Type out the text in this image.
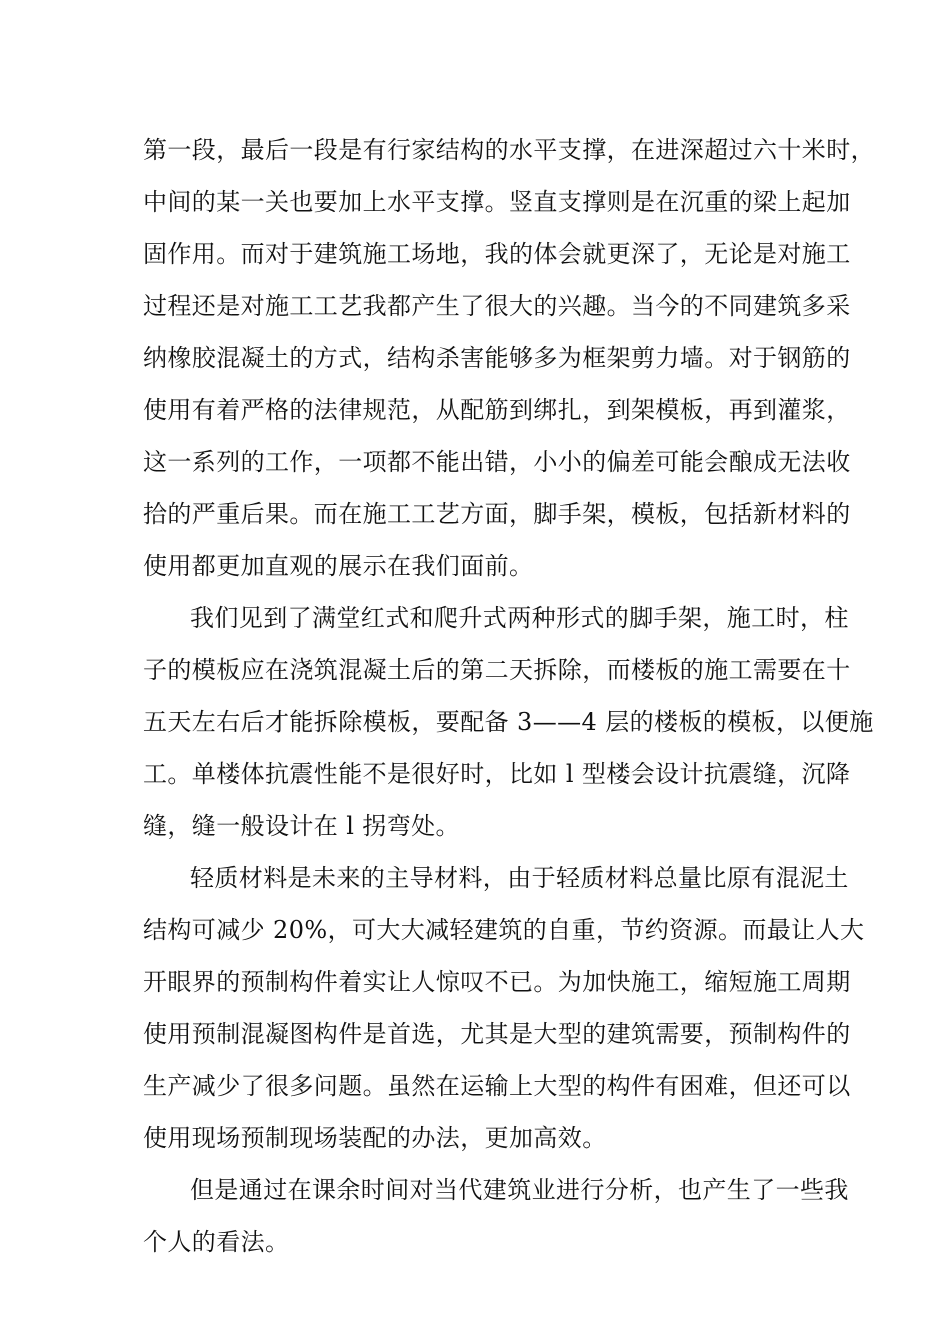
第一段，最后一段是有行家结构的水平支撑，在进深超过六十米时，
中间的某一关也要加上水平支撑。竖直支撑则是在沉重的梁上起加
固作用。而对于建筑施工场地，我的体会就更深了，无论是对施工
过程还是对施工工艺我都产生了很大的兴趣。当今的不同建筑多采
纳橡胶混凝土的方式，结构杀害能够多为框架剪力墙。对于钢筋的
使用有着严格的法律规范，从配筋到绑扎，到架模板，再到灌浆，
这一系列的工作，一项都不能出错，小小的偏差可能会酿成无法收
拾的严重后果。而在施工工艺方面，脚手架，模板，包括新材料的
使用都更加直观的展示在我们面前。
我们见到了满堂红式和爬升式两种形式的脚手架，施工时，柱
子的模板应在浇筑混凝土后的第二天拆除，而楼板的施工需要在十
五天左右后才能拆除模板，要配备 3——4 层的楼板的模板，以便施
工。单楼体抗震性能不是很好时，比如 l 型楼会设计抗震缝，沉降
缝，缝一般设计在 l 拐弯处。
轻质材料是未来的主导材料，由于轻质材料总量比原有混泥土
结构可减少 20%，可大大减轻建筑的自重，节约资源。而最让人大
开眼界的预制构件着实让人惊叹不已。为加快施工，缩短施工周期
使用预制混凝图构件是首选，尤其是大型的建筑需要，预制构件的
生产减少了很多问题。虽然在运输上大型的构件有困难，但还可以
使用现场预制现场装配的办法，更加高效。
但是通过在课余时间对当代建筑业进行分析，也产生了一些我
个人的看法。
